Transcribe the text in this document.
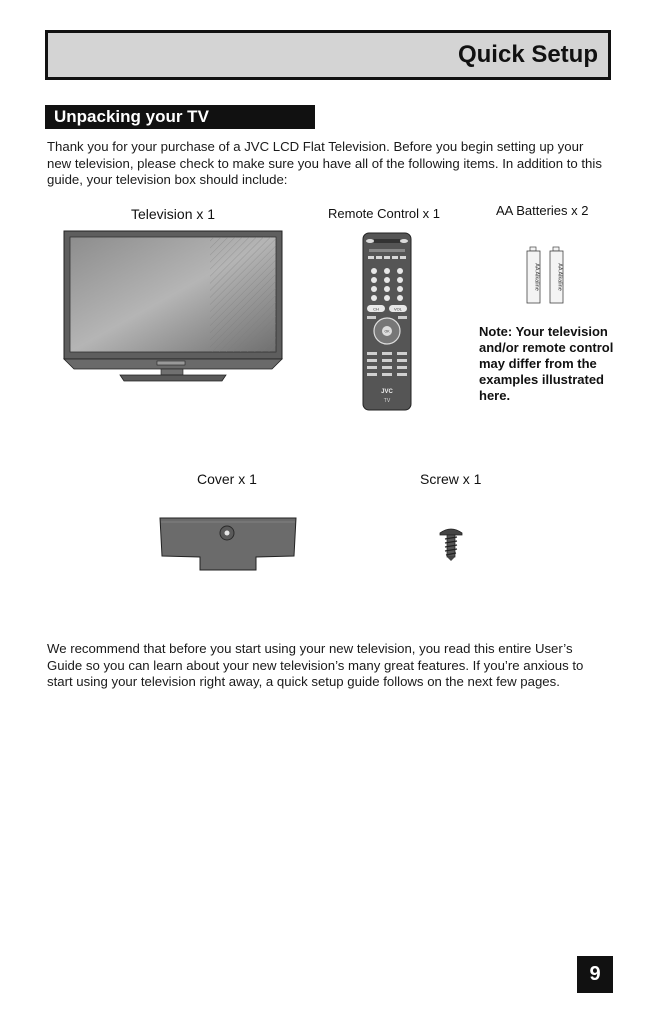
Quick Setup
Unpacking your TV
Thank you for your purchase of a JVC LCD Flat Television. Before you begin setting up your new television, please check to make sure you have all of the following items. In addition to this guide, your television box should include:
Television x 1	Remote Control x 1	AA Batteries x 2
Cover x 1	Screw x 1
CH	VOL
OK
JVC
TV
AA Alkaline	AA Alkaline
Note: Your television and/or remote control may differ from the examples illustrated here.
We recommend that before you start using your new television, you read this entire User’s Guide so you can learn about your new television’s many great features. If you’re anxious to start using your television right away, a quick setup guide follows on the next few pages.
9
